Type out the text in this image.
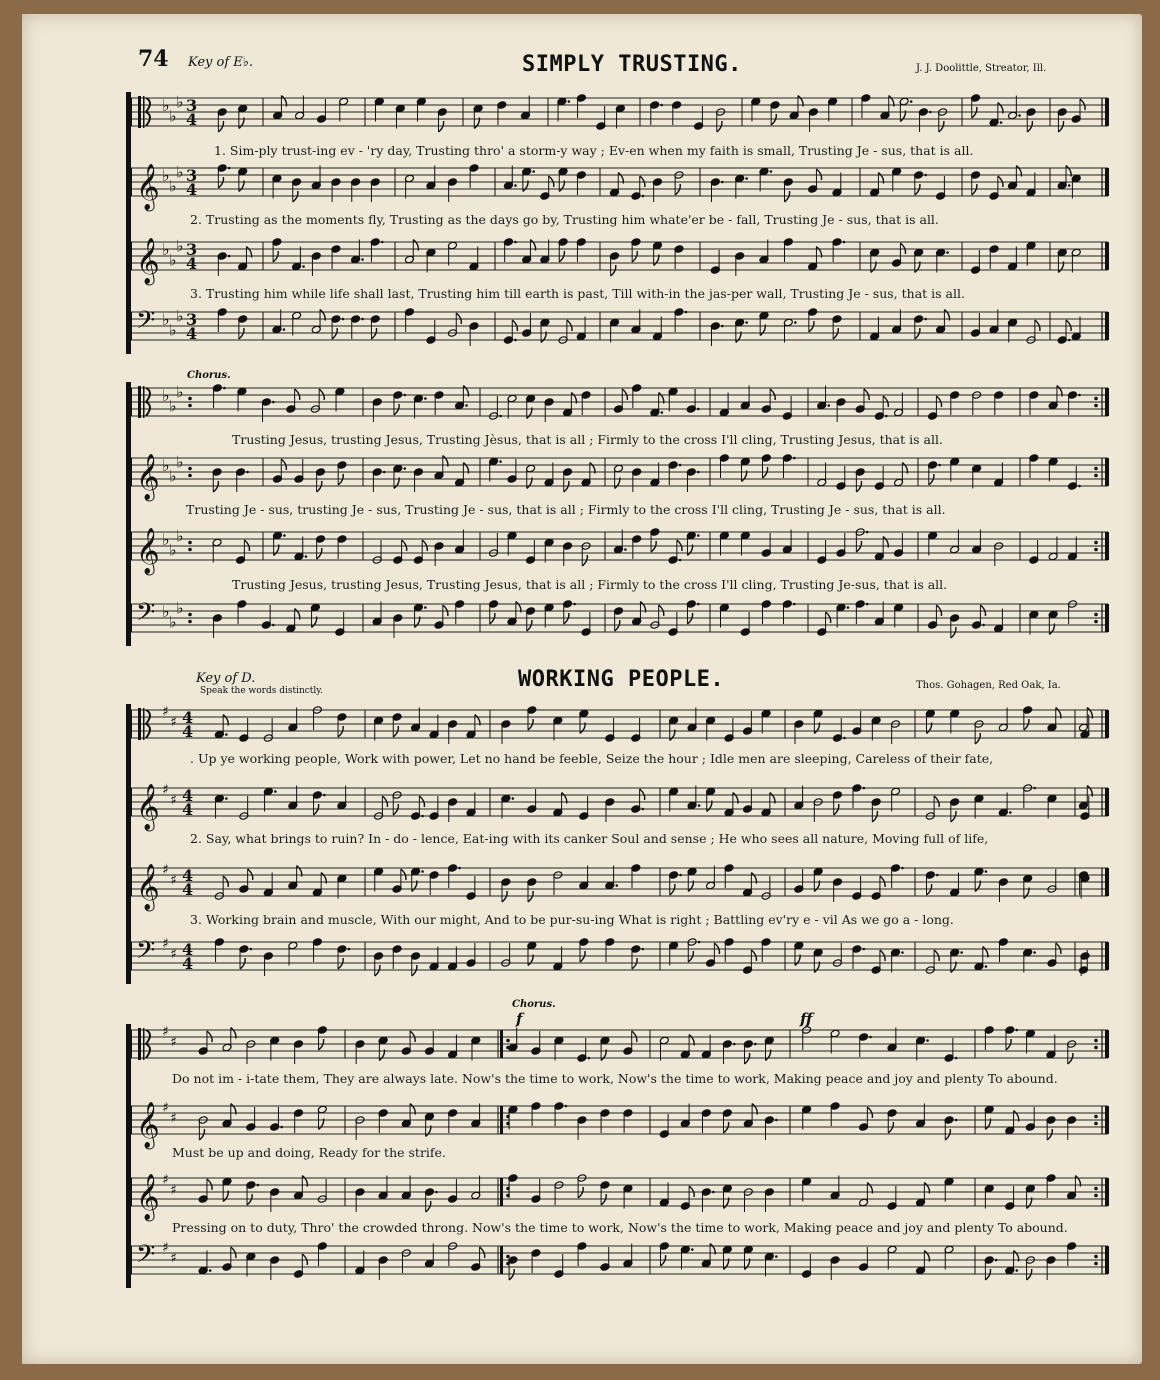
74 Key of E♭.	SIMPLY TRUSTING.	J. J. Doolittle, Streator, Ill.
♭
♭
♭ 3
4
1. Sim-ply trust-ing ev - 'ry day, Trusting thro' a storm-y way ; Ev-en when my faith is small, Trusting Je - sus, that is all.
𝄞 ♭
♭
♭ 3
4
2. Trusting as the moments fly, Trusting as the days go by, Trusting him whate'er be - fall, Trusting Je - sus, that is all.
𝄞 ♭
♭
♭ 3
4
3. Trusting him while life shall last, Trusting him till earth is past, Till with-in the jas-per wall, Trusting Je - sus, that is all.
𝄢 ♭
♭
♭ 3
4
Chorus.
♭
♭
♭
Trusting Jesus, trusting Jesus, Trusting Jèsus, that is all ; Firmly to the cross I'll cling, Trusting Jesus, that is all.
𝄞 ♭
♭
♭
Trusting Je - sus, trusting Je - sus, Trusting Je - sus, that is all ; Firmly to the cross I'll cling, Trusting Je - sus, that is all.
𝄞 ♭
♭
♭
Trusting Jesus, trusting Jesus, Trusting Jesus, that is all ; Firmly to the cross I'll cling, Trusting Je-sus, that is all.
𝄢 ♭
♭
♭
Key of D.
Speak the words distinctly.	WORKING PEOPLE.	Thos. Gohagen, Red Oak, Ia.
♯
♯ 4
4
. Up ye working people, Work with power, Let no hand be feeble, Seize the hour ; Idle men are sleeping, Careless of their fate,
𝄞 ♯
♯ 4
4
2. Say, what brings to ruin? In - do - lence, Eat-ing with its canker Soul and sense ; He who sees all nature, Moving full of life,
𝄞 ♯
♯ 4
4
3. Working brain and muscle, With our might, And to be pur-su-ing What is right ; Battling ev'ry e - vil As we go a - long.
𝄢 ♯
♯ 4
4
Chorus.
f	ff
♯
♯
Do not im - i-tate them, They are always late. Now's the time to work, Now's the time to work, Making peace and joy and plenty To abound.
𝄞 ♯
♯
Must be up and doing, Ready for the strife.
𝄞 ♯
♯
Pressing on to duty, Thro' the crowded throng. Now's the time to work, Now's the time to work, Making peace and joy and plenty To abound.
𝄢 ♯
♯
